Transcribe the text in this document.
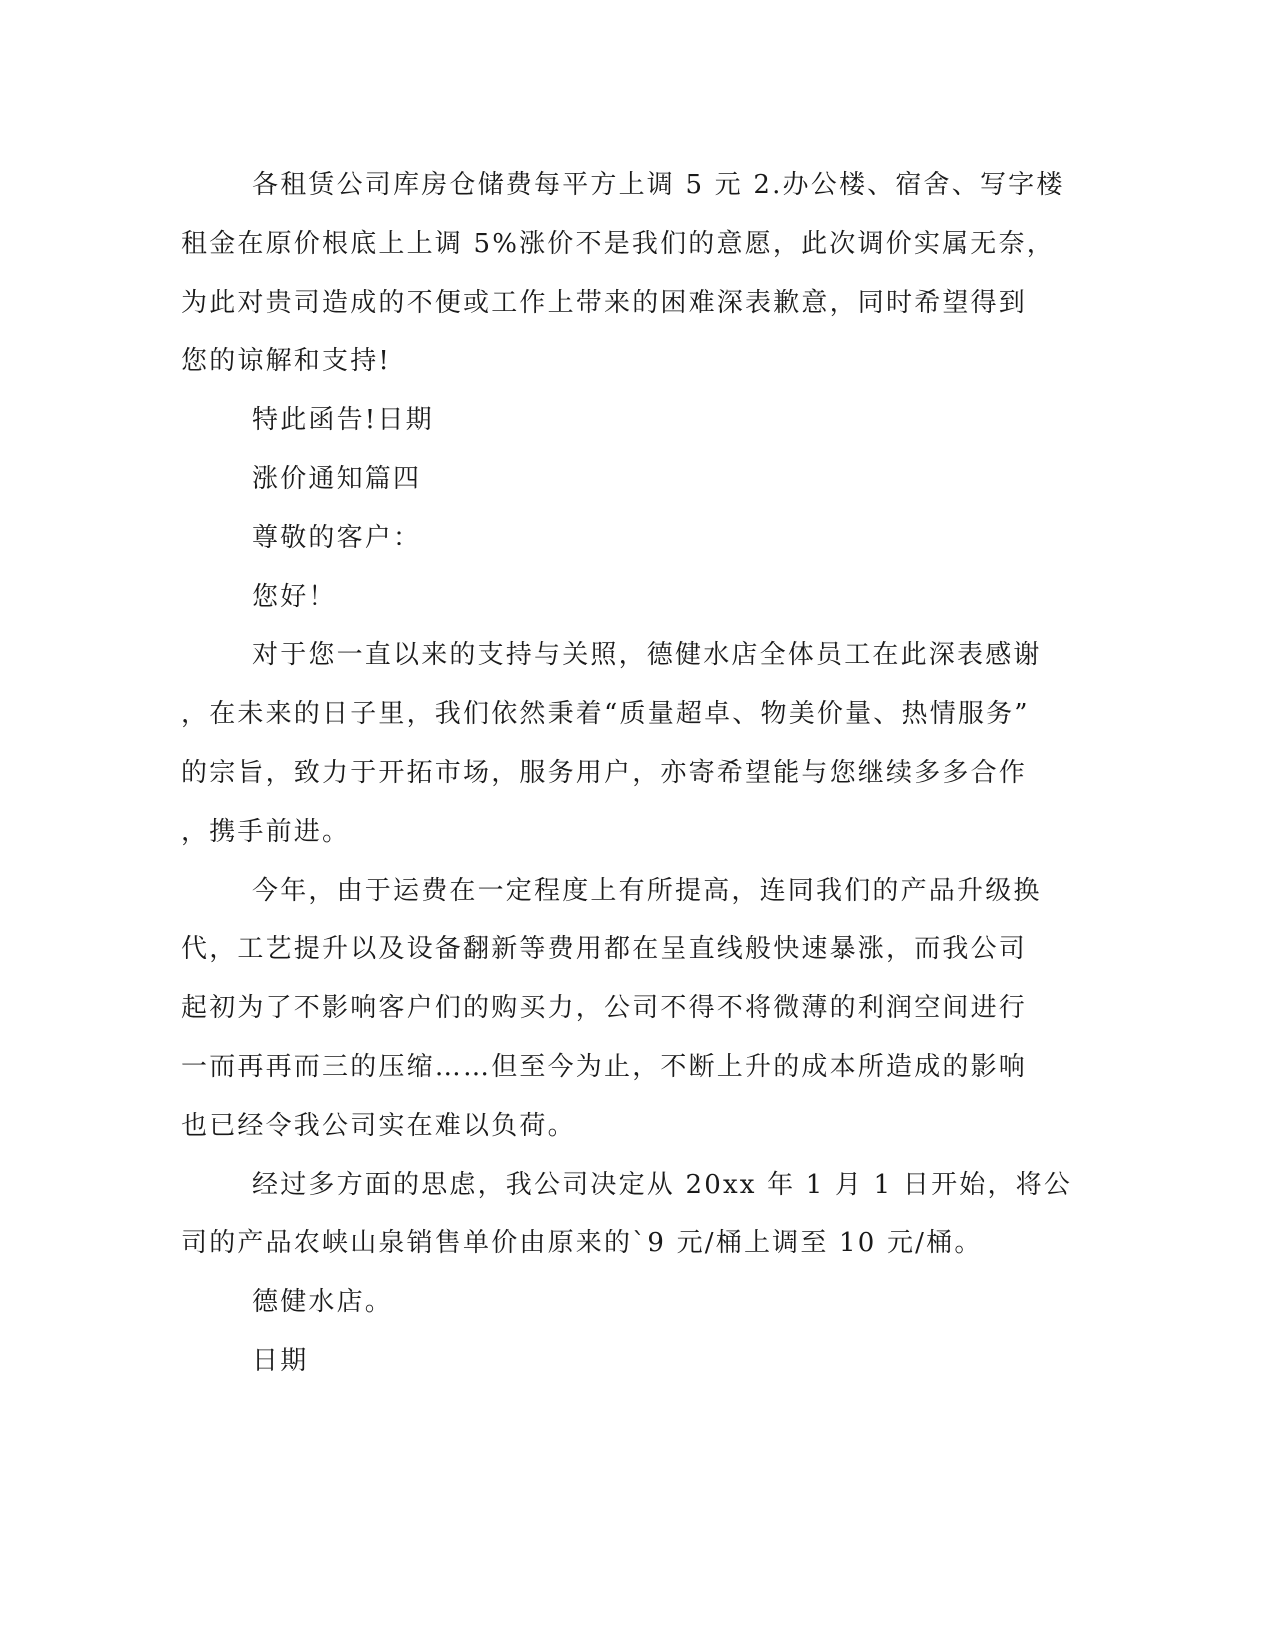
各租赁公司库房仓储费每平方上调 5 元 2.办公楼、宿舍、写字楼
租金在原价根底上上调 5%涨价不是我们的意愿，此次调价实属无奈，
为此对贵司造成的不便或工作上带来的困难深表歉意，同时希望得到
您的谅解和支持!
特此函告!日期
涨价通知篇四
尊敬的客户：
您好！
对于您一直以来的支持与关照，德健水店全体员工在此深表感谢
，在未来的日子里，我们依然秉着“质量超卓、物美价量、热情服务”
的宗旨，致力于开拓市场，服务用户，亦寄希望能与您继续多多合作
，携手前进。
今年，由于运费在一定程度上有所提高，连同我们的产品升级换
代，工艺提升以及设备翻新等费用都在呈直线般快速暴涨，而我公司
起初为了不影响客户们的购买力，公司不得不将微薄的利润空间进行
一而再再而三的压缩……但至今为止，不断上升的成本所造成的影响
也已经令我公司实在难以负荷。
经过多方面的思虑，我公司决定从 20xx 年 1 月 1 日开始，将公
司的产品农峡山泉销售单价由原来的`9 元/桶上调至 10 元/桶。
德健水店。
日期
